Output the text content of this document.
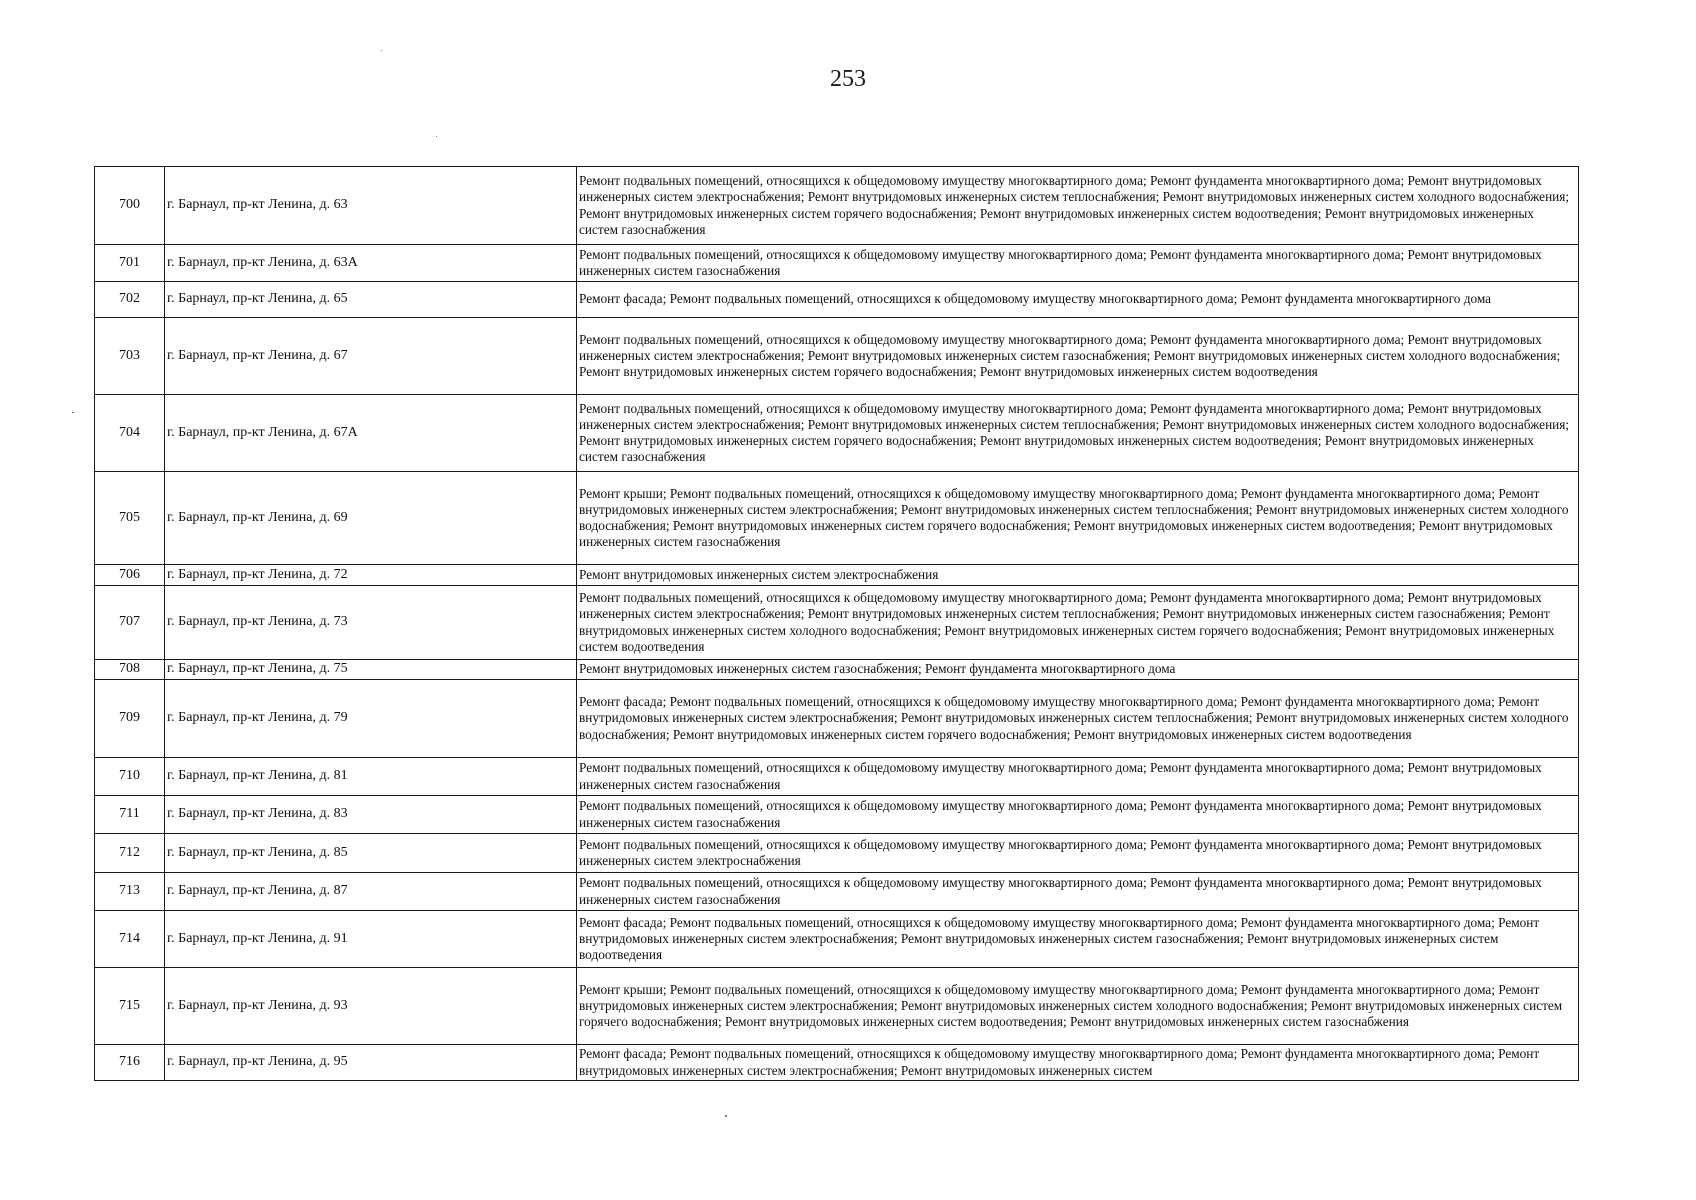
253
700	г. Барнаул, пр-кт Ленина, д. 63	Ремонт подвальных помещений, относящихся к общедомовому имуществу многоквартирного дома; Ремонт фундамента многоквартирного дома; Ремонт внутридомовых инженерных систем электроснабжения; Ремонт внутридомовых инженерных систем теплоснабжения; Ремонт внутридомовых инженерных систем холодного водоснабжения; Ремонт внутридомовых инженерных систем горячего водоснабжения; Ремонт внутридомовых инженерных систем водоотведения; Ремонт внутридомовых инженерных систем газоснабжения

701	г. Барнаул, пр-кт Ленина, д. 63А	Ремонт подвальных помещений, относящихся к общедомовому имуществу многоквартирного дома; Ремонт фундамента многоквартирного дома; Ремонт внутридомовых инженерных систем газоснабжения

702	г. Барнаул, пр-кт Ленина, д. 65	Ремонт фасада; Ремонт подвальных помещений, относящихся к общедомовому имуществу многоквартирного дома; Ремонт фундамента многоквартирного дома

703	г. Барнаул, пр-кт Ленина, д. 67	Ремонт подвальных помещений, относящихся к общедомовому имуществу многоквартирного дома; Ремонт фундамента многоквартирного дома; Ремонт внутридомовых инженерных систем электроснабжения; Ремонт внутридомовых инженерных систем газоснабжения; Ремонт внутридомовых инженерных систем холодного водоснабжения; Ремонт внутридомовых инженерных систем горячего водоснабжения; Ремонт внутридомовых инженерных систем водоотведения

704	г. Барнаул, пр-кт Ленина, д. 67А	Ремонт подвальных помещений, относящихся к общедомовому имуществу многоквартирного дома; Ремонт фундамента многоквартирного дома; Ремонт внутридомовых инженерных систем электроснабжения; Ремонт внутридомовых инженерных систем теплоснабжения; Ремонт внутридомовых инженерных систем холодного водоснабжения; Ремонт внутридомовых инженерных систем горячего водоснабжения; Ремонт внутридомовых инженерных систем водоотведения; Ремонт внутридомовых инженерных систем газоснабжения

705	г. Барнаул, пр-кт Ленина, д. 69	Ремонт крыши; Ремонт подвальных помещений, относящихся к общедомовому имуществу многоквартирного дома; Ремонт фундамента многоквартирного дома; Ремонт внутридомовых инженерных систем электроснабжения; Ремонт внутридомовых инженерных систем теплоснабжения; Ремонт внутридомовых инженерных систем холодного водоснабжения; Ремонт внутридомовых инженерных систем горячего водоснабжения; Ремонт внутридомовых инженерных систем водоотведения; Ремонт внутридомовых инженерных систем газоснабжения

706	г. Барнаул, пр-кт Ленина, д. 72	Ремонт внутридомовых инженерных систем электроснабжения

707	г. Барнаул, пр-кт Ленина, д. 73	Ремонт подвальных помещений, относящихся к общедомовому имуществу многоквартирного дома; Ремонт фундамента многоквартирного дома; Ремонт внутридомовых инженерных систем электроснабжения; Ремонт внутридомовых инженерных систем теплоснабжения; Ремонт внутридомовых инженерных систем газоснабжения; Ремонт внутридомовых инженерных систем холодного водоснабжения; Ремонт внутридомовых инженерных систем горячего водоснабжения; Ремонт внутридомовых инженерных систем водоотведения

708	г. Барнаул, пр-кт Ленина, д. 75	Ремонт внутридомовых инженерных систем газоснабжения; Ремонт фундамента многоквартирного дома

709	г. Барнаул, пр-кт Ленина, д. 79	Ремонт фасада; Ремонт подвальных помещений, относящихся к общедомовому имуществу многоквартирного дома; Ремонт фундамента многоквартирного дома; Ремонт внутридомовых инженерных систем электроснабжения; Ремонт внутридомовых инженерных систем теплоснабжения; Ремонт внутридомовых инженерных систем холодного водоснабжения; Ремонт внутридомовых инженерных систем горячего водоснабжения; Ремонт внутридомовых инженерных систем водоотведения

710	г. Барнаул, пр-кт Ленина, д. 81	Ремонт подвальных помещений, относящихся к общедомовому имуществу многоквартирного дома; Ремонт фундамента многоквартирного дома; Ремонт внутридомовых инженерных систем газоснабжения

711	г. Барнаул, пр-кт Ленина, д. 83	Ремонт подвальных помещений, относящихся к общедомовому имуществу многоквартирного дома; Ремонт фундамента многоквартирного дома; Ремонт внутридомовых инженерных систем газоснабжения

712	г. Барнаул, пр-кт Ленина, д. 85	Ремонт подвальных помещений, относящихся к общедомовому имуществу многоквартирного дома; Ремонт фундамента многоквартирного дома; Ремонт внутридомовых инженерных систем электроснабжения

713	г. Барнаул, пр-кт Ленина, д. 87	Ремонт подвальных помещений, относящихся к общедомовому имуществу многоквартирного дома; Ремонт фундамента многоквартирного дома; Ремонт внутридомовых инженерных систем газоснабжения

714	г. Барнаул, пр-кт Ленина, д. 91	Ремонт фасада; Ремонт подвальных помещений, относящихся к общедомовому имуществу многоквартирного дома; Ремонт фундамента многоквартирного дома; Ремонт внутридомовых инженерных систем электроснабжения; Ремонт внутридомовых инженерных систем газоснабжения; Ремонт внутридомовых инженерных систем водоотведения

715	г. Барнаул, пр-кт Ленина, д. 93	Ремонт крыши; Ремонт подвальных помещений, относящихся к общедомовому имуществу многоквартирного дома; Ремонт фундамента многоквартирного дома; Ремонт внутридомовых инженерных систем электроснабжения; Ремонт внутридомовых инженерных систем холодного водоснабжения; Ремонт внутридомовых инженерных систем горячего водоснабжения; Ремонт внутридомовых инженерных систем водоотведения; Ремонт внутридомовых инженерных систем газоснабжения

716	г. Барнаул, пр-кт Ленина, д. 95	Ремонт фасада; Ремонт подвальных помещений, относящихся к общедомовому имуществу многоквартирного дома; Ремонт фундамента многоквартирного дома; Ремонт внутридомовых инженерных систем электроснабжения; Ремонт внутридомовых инженерных систем
